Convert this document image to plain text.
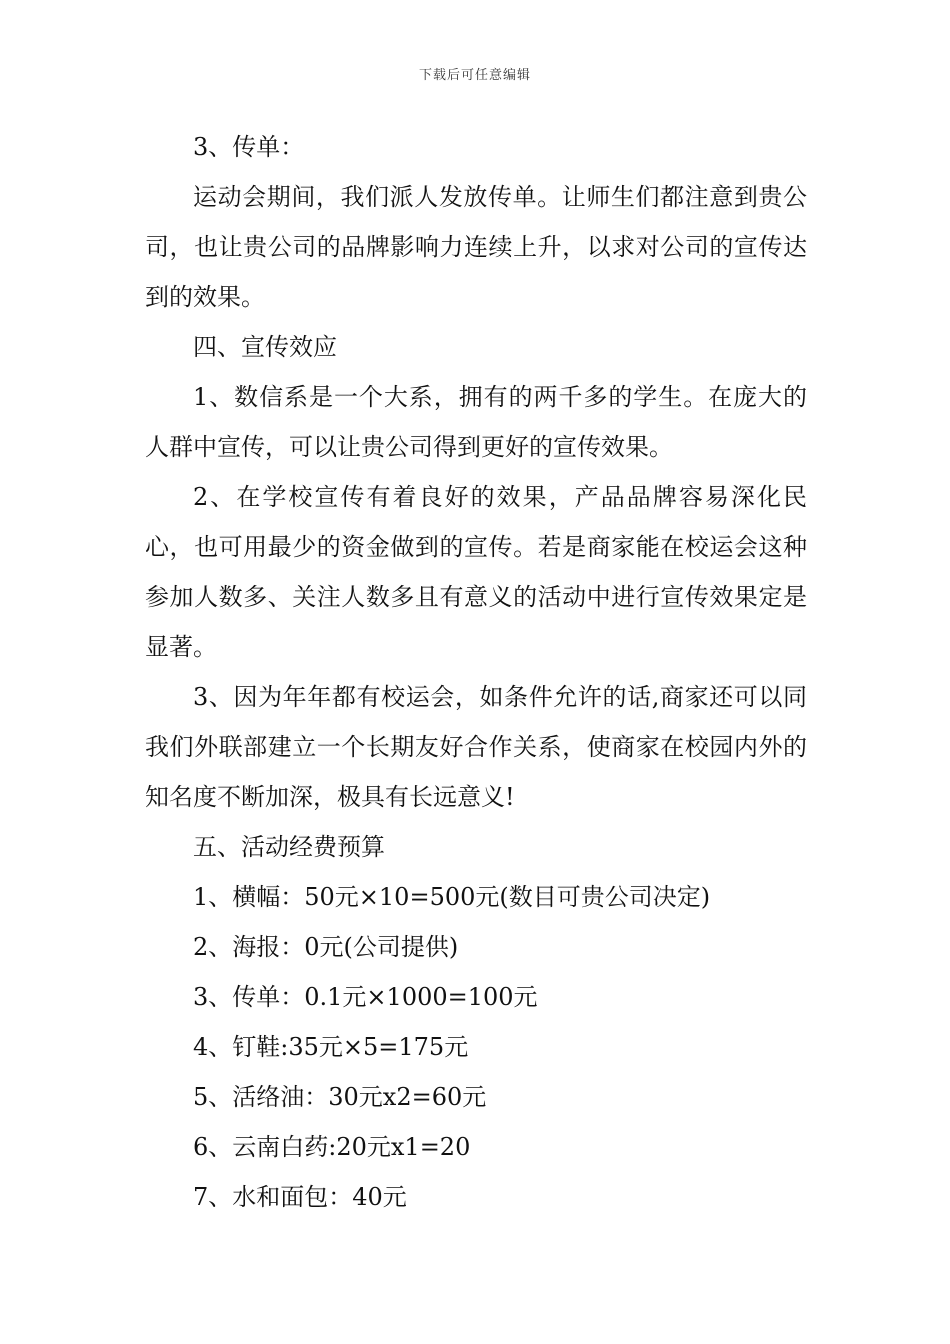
下载后可任意编辑

3、传单：

运动会期间，我们派人发放传单。让师生们都注意到贵公司，也让贵公司的品牌影响力连续上升，以求对公司的宣传达到的效果。

四、宣传效应

1、数信系是一个大系，拥有的两千多的学生。在庞大的人群中宣传，可以让贵公司得到更好的宣传效果。

2、在学校宣传有着良好的效果，产品品牌容易深化民心，也可用最少的资金做到的宣传。若是商家能在校运会这种参加人数多、关注人数多且有意义的活动中进行宣传效果定是显著。

3、因为年年都有校运会，如条件允许的话,商家还可以同我们外联部建立一个长期友好合作关系，使商家在校园内外的知名度不断加深，极具有长远意义!

五、活动经费预算

1、横幅：50元×10=500元(数目可贵公司决定)

2、海报：0元(公司提供)

3、传单：0.1元×1000=100元

4、钉鞋:35元×5=175元

5、活络油：30元x2=60元

6、云南白药:20元x1=20

7、水和面包：40元
